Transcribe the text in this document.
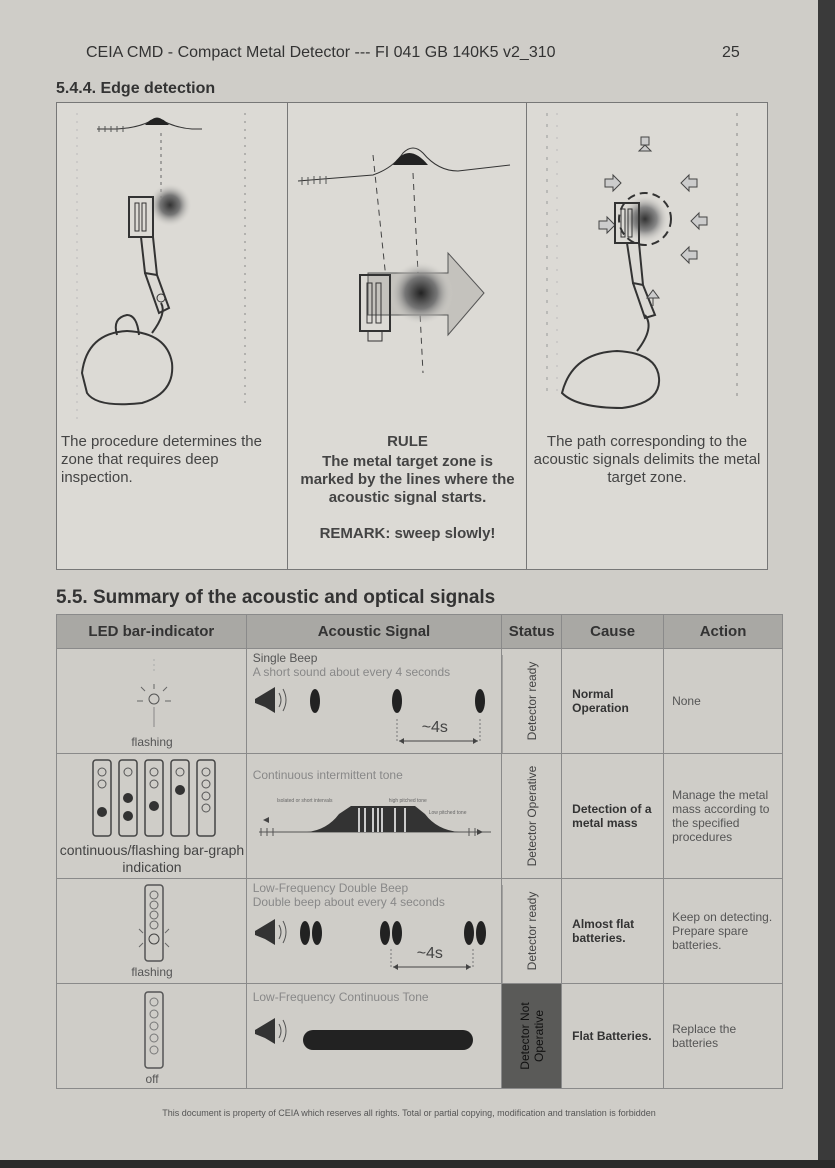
CEIA CMD - Compact Metal Detector --- FI 041 GB 140K5 v2_310	25
5.4.4. Edge detection
The procedure determines the zone that requires deep inspection.
RULE
The metal target zone is marked by the lines where the acoustic signal starts.
REMARK: sweep slowly!
The path corresponding to the acoustic signals delimits the metal target zone.
5.5. Summary of the acoustic and optical signals
LED bar-indicator	Acoustic Signal	Status	Cause	Action

flashing	Single Beep
A short sound about every 4 seconds
~4s	Detector ready	Normal Operation	None

continuous/flashing bar-graph indication	Continuous intermittent tone
Isolated or short intervals high pitched tone
Low pitched tone	Detector Operative	Detection of a metal mass	Manage the metal mass according to the specified procedures

flashing	Low-Frequency Double Beep
Double beep about every 4 seconds
~4s	Detector ready	Almost flat batteries.	Keep on detecting. Prepare spare batteries.

off	Low-Frequency Continuous Tone	Detector Not Operative	Flat Batteries.	Replace the batteries
This document is property of CEIA which reserves all rights. Total or partial copying, modification and translation is forbidden
